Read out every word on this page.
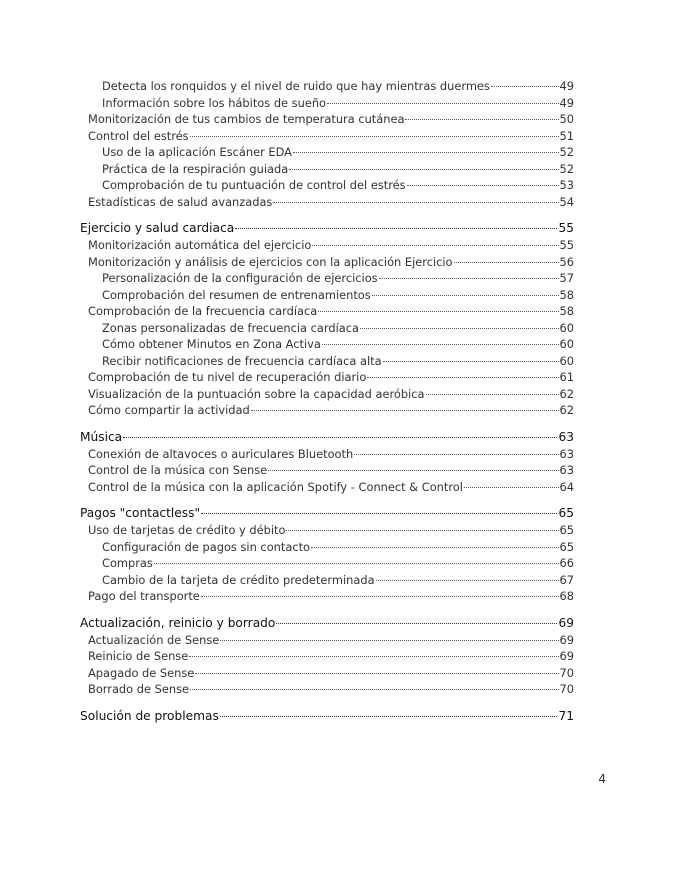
Detecta los ronquidos y el nivel de ruido que hay mientras duermes	49
Información sobre los hábitos de sueño	49
Monitorización de tus cambios de temperatura cutánea	50
Control del estrés	51
Uso de la aplicación Escáner EDA	52
Práctica de la respiración guiada	52
Comprobación de tu puntuación de control del estrés	53
Estadísticas de salud avanzadas	54
Ejercicio y salud cardiaca	55
Monitorización automática del ejercicio	55
Monitorización y análisis de ejercicios con la aplicación Ejercicio	56
Personalización de la configuración de ejercicios	57
Comprobación del resumen de entrenamientos	58
Comprobación de la frecuencia cardíaca	58
Zonas personalizadas de frecuencia cardíaca	60
Cómo obtener Minutos en Zona Activa	60
Recibir notificaciones de frecuencia cardíaca alta	60
Comprobación de tu nivel de recuperación diario	61
Visualización de la puntuación sobre la capacidad aeróbica	62
Cómo compartir la actividad	62
Música	63
Conexión de altavoces o auriculares Bluetooth	63
Control de la música con Sense	63
Control de la música con la aplicación Spotify - Connect & Control	64
Pagos "contactless"	65
Uso de tarjetas de crédito y débito	65
Configuración de pagos sin contacto	65
Compras	66
Cambio de la tarjeta de crédito predeterminada	67
Pago del transporte	68
Actualización, reinicio y borrado	69
Actualización de Sense	69
Reinicio de Sense	69
Apagado de Sense	70
Borrado de Sense	70
Solución de problemas	71
4
